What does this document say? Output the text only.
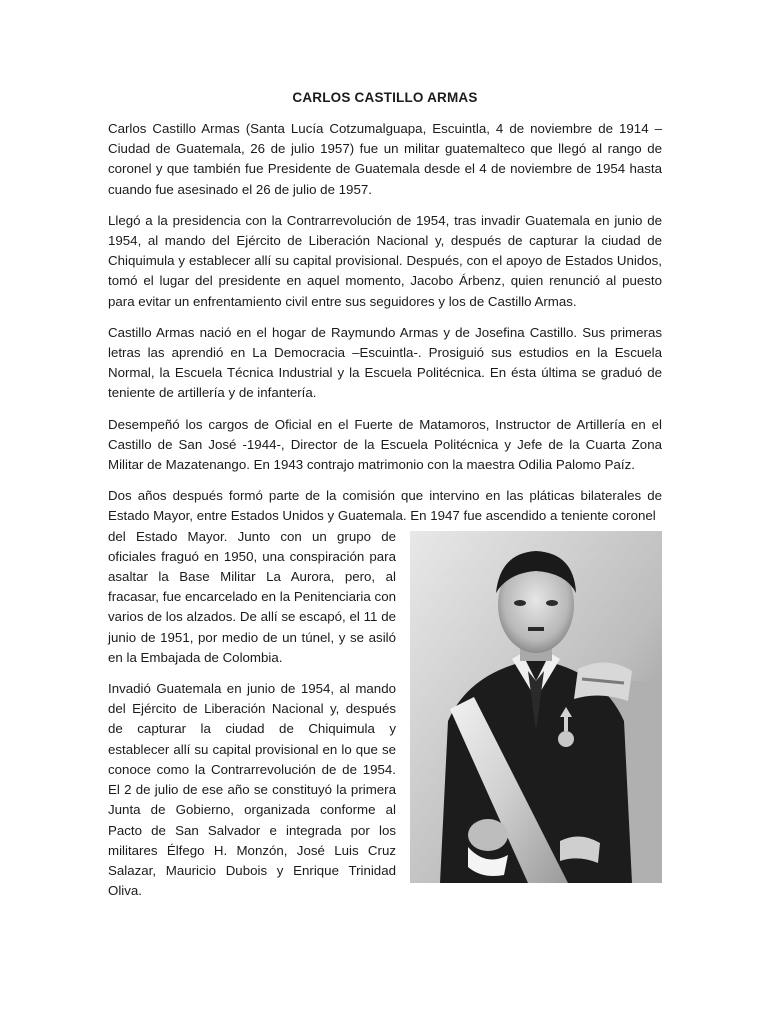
CARLOS CASTILLO ARMAS

Carlos Castillo Armas (Santa Lucía Cotzumalguapa, Escuintla, 4 de noviembre de 1914 – Ciudad de Guatemala, 26 de julio 1957) fue un militar guatemalteco que llegó al rango de coronel y que también fue Presidente de Guatemala desde el 4 de noviembre de 1954 hasta cuando fue asesinado el 26 de julio de 1957.

Llegó a la presidencia con la Contrarrevolución de 1954, tras invadir Guatemala en junio de 1954, al mando del Ejército de Liberación Nacional y, después de capturar la ciudad de Chiquimula y establecer allí su capital provisional. Después, con el apoyo de Estados Unidos, tomó el lugar del presidente en aquel momento, Jacobo Árbenz, quien renunció al puesto para evitar un enfrentamiento civil entre sus seguidores y los de Castillo Armas.

Castillo Armas nació en el hogar de Raymundo Armas y de Josefina Castillo. Sus primeras letras las aprendió en La Democracia –Escuintla-. Prosiguió sus estudios en la Escuela Normal, la Escuela Técnica Industrial y la Escuela Politécnica. En ésta última se graduó de teniente de artillería y de infantería.

Desempeñó los cargos de Oficial en el Fuerte de Matamoros, Instructor de Artillería en el Castillo de San José -1944-, Director de la Escuela Politécnica y Jefe de la Cuarta Zona Militar de Mazatenango. En 1943 contrajo matrimonio con la maestra Odilia Palomo Paíz.

Dos años después formó parte de la comisión que intervino en las pláticas bilaterales de Estado Mayor, entre Estados Unidos y Guatemala. En 1947 fue ascendido a teniente coronel

del Estado Mayor. Junto con un grupo de oficiales fraguó en 1950, una conspiración para asaltar la Base Militar La Aurora, pero, al fracasar, fue encarcelado en la Penitenciaria con varios de los alzados. De allí se escapó, el 11 de junio de 1951, por medio de un túnel, y se asiló en la Embajada de Colombia.

Invadió Guatemala en junio de 1954, al mando del Ejército de Liberación Nacional y, después de capturar la ciudad de Chiquimula y establecer allí su capital provisional en lo que se conoce como la Contrarrevolución de de 1954. El 2 de julio de ese año se constituyó la primera Junta de Gobierno, organizada conforme al Pacto de San Salvador e integrada por los militares Élfego H. Monzón, José Luis Cruz Salazar, Mauricio Dubois y Enrique Trinidad Oliva.
